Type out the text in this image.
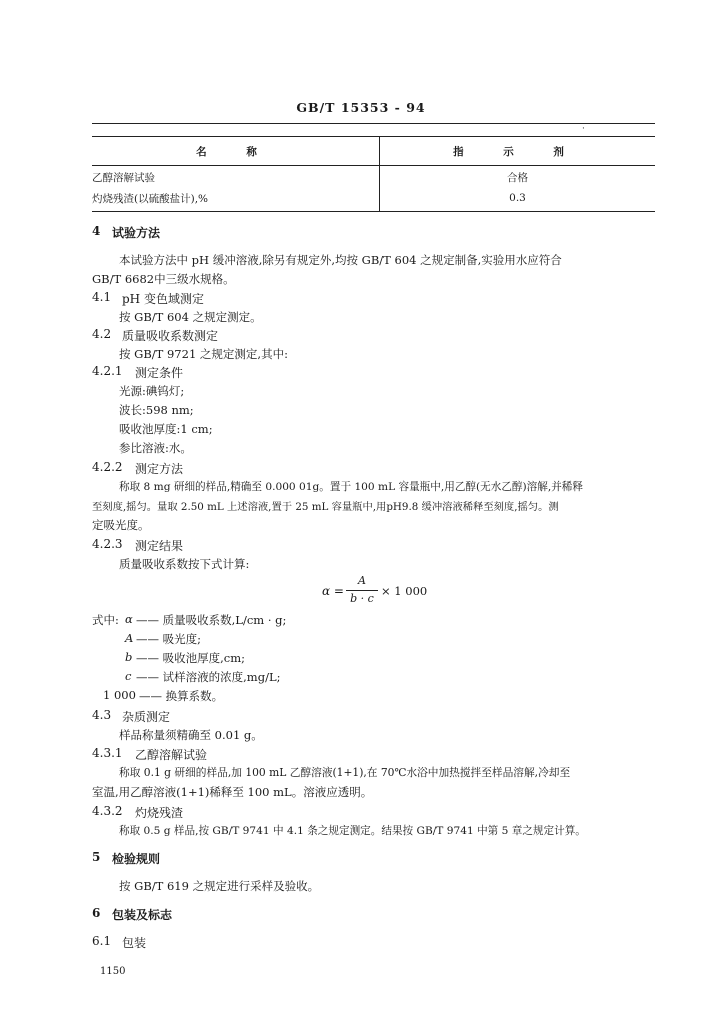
GB/T 15353 - 94
·
名 称	指 示 剂
乙醇溶解试验	合格
灼烧残渣(以硫酸盐计),%	0.3
4 试验方法
本试验方法中 pH 缓冲溶液,除另有规定外,均按 GB/T 604 之规定制备,实验用水应符合
GB/T 6682中三级水规格。
4.1 pH 变色域测定
按 GB/T 604 之规定测定。
4.2 质量吸收系数测定
按 GB/T 9721 之规定测定,其中:
4.2.1 测定条件
光源:碘钨灯;
波长:598 nm;
吸收池厚度:1 cm;
参比溶液:水。
4.2.2 测定方法
称取 8 mg 研细的样品,精确至 0.000 01g。置于 100 mL 容量瓶中,用乙醇(无水乙醇)溶解,并稀释
至刻度,摇匀。量取 2.50 mL 上述溶液,置于 25 mL 容量瓶中,用pH9.8 缓冲溶液稀释至刻度,摇匀。测
定吸光度。
4.2.3 测定结果
质量吸收系数按下式计算:
α =
A
b · c
× 1 000
式中: α —— 质量吸收系数,L/cm · g;
A —— 吸光度;
b —— 吸收池厚度,cm;
c —— 试样溶液的浓度,mg/L;
1 000 —— 换算系数。
4.3 杂质测定
样品称量须精确至 0.01 g。
4.3.1 乙醇溶解试验
称取 0.1 g 研细的样品,加 100 mL 乙醇溶液(1+1),在 70℃水浴中加热搅拌至样品溶解,冷却至
室温,用乙醇溶液(1+1)稀释至 100 mL。溶液应透明。
4.3.2 灼烧残渣
称取 0.5 g 样品,按 GB/T 9741 中 4.1 条之规定测定。结果按 GB/T 9741 中第 5 章之规定计算。
5 检验规则
按 GB/T 619 之规定进行采样及验收。
6 包装及标志
6.1 包装
1150
